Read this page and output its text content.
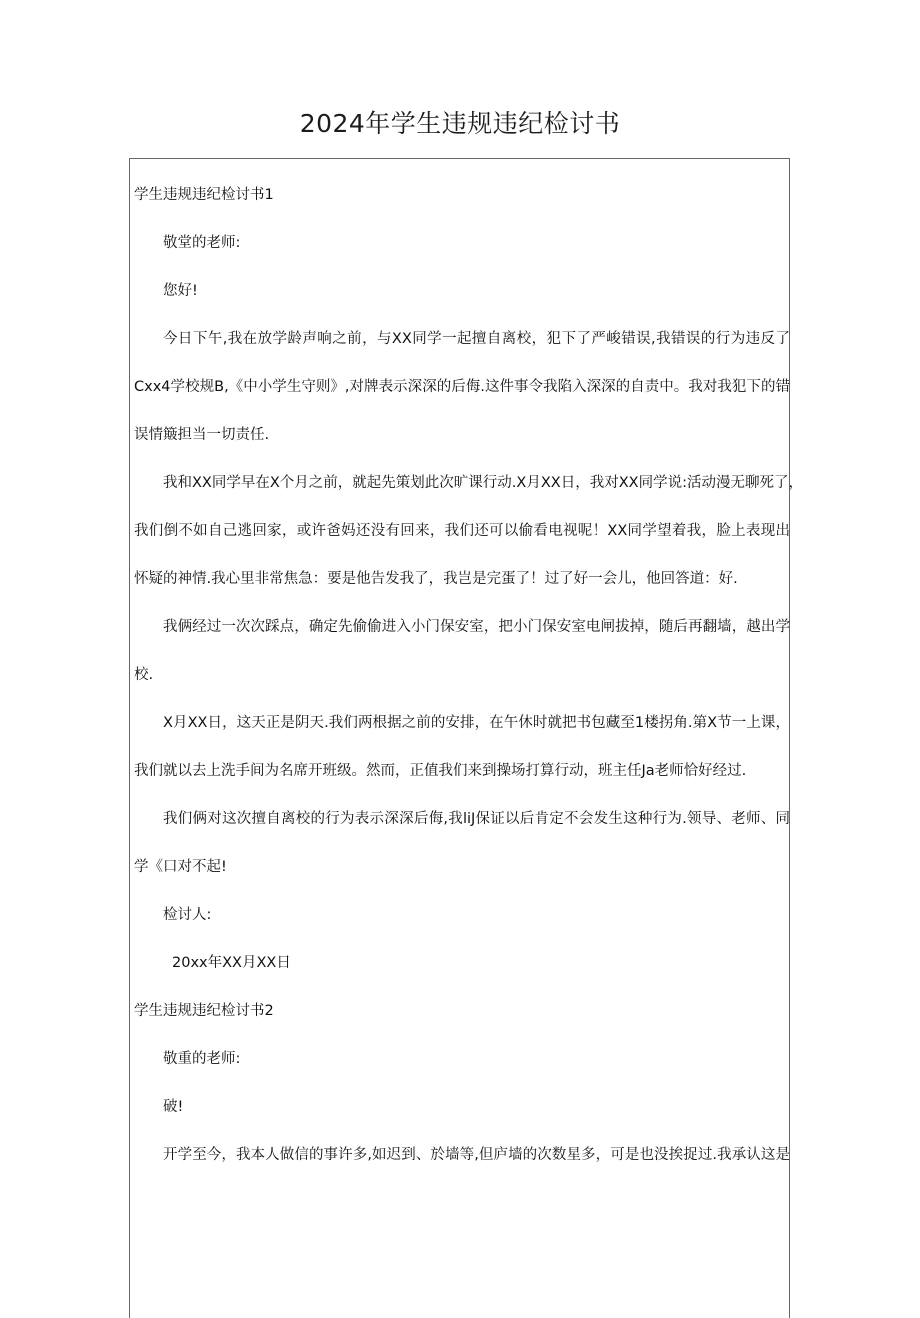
2024年学生违规违纪检讨书
学生违规违纪检讨书1
敬堂的老师:
您好!
今日下午,我在放学龄声响之前，与XX同学一起擅自离校，犯下了严峻错误,我错误的行为违反了
Cxx4学校规B,《中小学生守则》,对牌表示深深的后侮.这件事令我陷入深深的自责中。我对我犯下的错
误情簸担当一切责任.
我和XX同学早在X个月之前，就起先策划此次旷课行动.X月XX日，我对XX同学说:活动漫无聊死了，
我们倒不如自己逃回家，或许爸妈还没有回来，我们还可以偷看电视呢！XX同学望着我，脸上表现出
怀疑的神情.我心里非常焦急：要是他告发我了，我岂是完蛋了！过了好一会儿，他回答道：好.
我俩经过一次次踩点，确定先偷偷进入小门保安室，把小门保安室电闸拔掉，随后再翻墙，越出学
校.
X月XX日，这天正是阴天.我们两根据之前的安排，在午休时就把书包藏至1楼拐角.第X节一上课，
我们就以去上洗手间为名席开班级。然而，正值我们来到操场打算行动，班主任Ja老师恰好经过.
我们俩对这次擅自离校的行为表示深深后侮,我liJ保证以后肯定不会发生这种行为.领导、老师、同
学《口对不起!
检讨人:
20xx年XX月XX日
学生违规违纪检讨书2
敬重的老师:
破!
开学至今，我本人做信的事许多,如迟到、於墙等,但庐墙的次数星多，可是也没挨捉过.我承认这是
